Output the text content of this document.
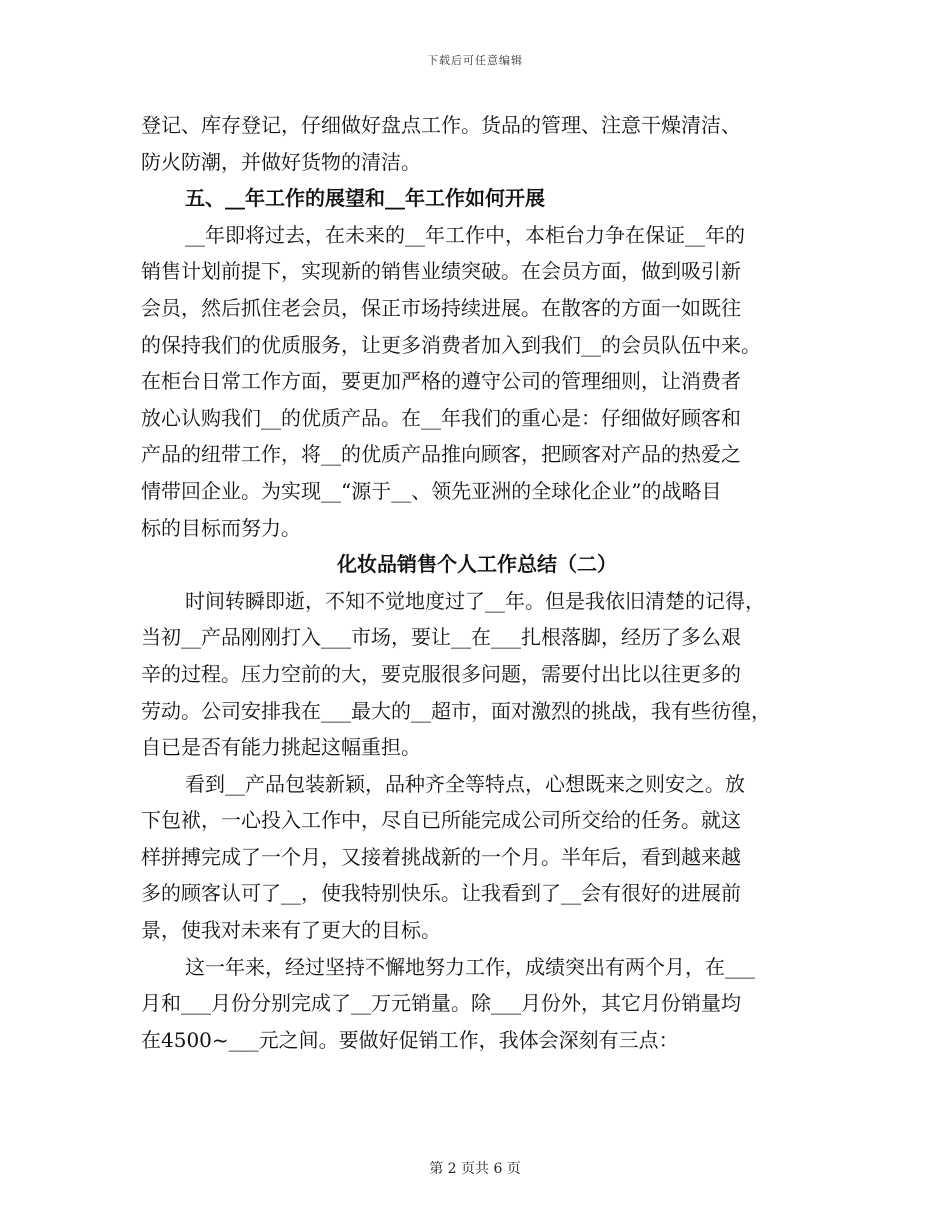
下载后可任意编辑
登记、库存登记，仔细做好盘点工作。货品的管理、注意干燥清洁、
防火防潮，并做好货物的清洁。
五、__年工作的展望和__年工作如何开展
__年即将过去，在未来的__年工作中，本柜台力争在保证__年的
销售计划前提下，实现新的销售业绩突破。在会员方面，做到吸引新
会员，然后抓住老会员，保正市场持续进展。在散客的方面一如既往
的保持我们的优质服务，让更多消费者加入到我们__的会员队伍中来。
在柜台日常工作方面，要更加严格的遵守公司的管理细则，让消费者
放心认购我们__的优质产品。在__年我们的重心是：仔细做好顾客和
产品的纽带工作，将__的优质产品推向顾客，把顾客对产品的热爱之
情带回企业。为实现__“源于__、领先亚洲的全球化企业”的战略目
标的目标而努力。
化妆品销售个人工作总结（二）
时间转瞬即逝，不知不觉地度过了__年。但是我依旧清楚的记得，
当初__产品刚刚打入___市场，要让__在___扎根落脚，经历了多么艰
辛的过程。压力空前的大，要克服很多问题，需要付出比以往更多的
劳动。公司安排我在___最大的__超市，面对激烈的挑战，我有些彷徨，
自已是否有能力挑起这幅重担。
看到__产品包装新颖，品种齐全等特点，心想既来之则安之。放
下包袱，一心投入工作中，尽自已所能完成公司所交给的任务。就这
样拼搏完成了一个月，又接着挑战新的一个月。半年后，看到越来越
多的顾客认可了__，使我特别快乐。让我看到了__会有很好的进展前
景，使我对未来有了更大的目标。
这一年来，经过坚持不懈地努力工作，成绩突出有两个月，在___
月和___月份分别完成了__万元销量。除___月份外，其它月份销量均
在4500~___元之间。要做好促销工作，我体会深刻有三点：
第 2 页共 6 页
